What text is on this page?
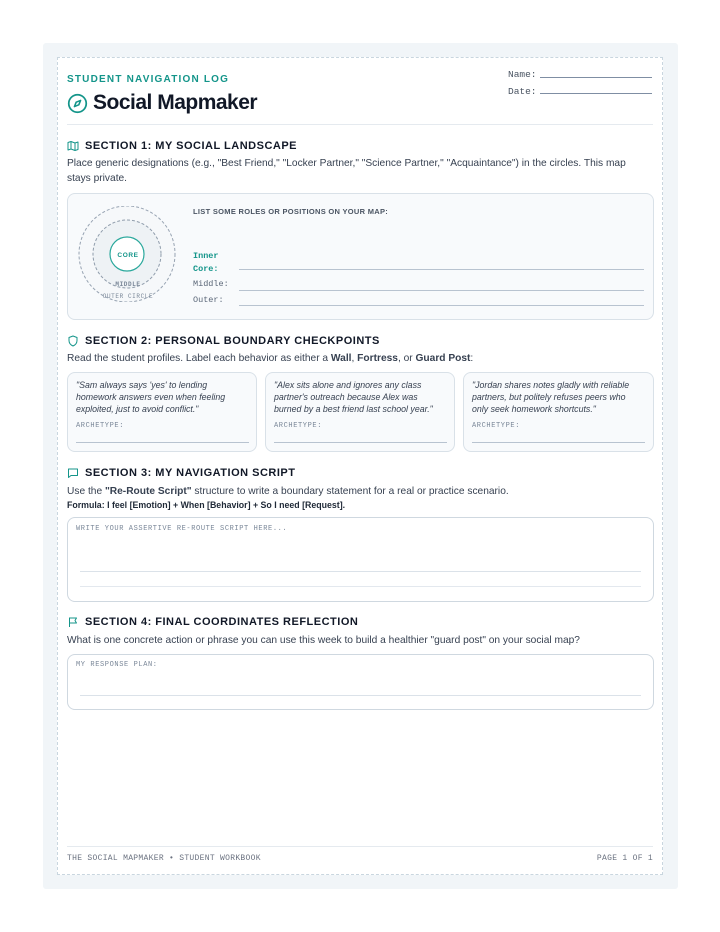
STUDENT NAVIGATION LOG
Social Mapmaker
Name:
Date:
SECTION 1: MY SOCIAL LANDSCAPE
Place generic designations (e.g., "Best Friend," "Locker Partner," "Science Partner," "Acquaintance") in the circles. This map stays private.
CORE
MIDDLE
OUTER CIRCLE
LIST SOME ROLES OR POSITIONS ON YOUR MAP:
Inner
Core:
Middle:
Outer:
SECTION 2: PERSONAL BOUNDARY CHECKPOINTS
Read the student profiles. Label each behavior as either a Wall, Fortress, or Guard Post:
"Sam always says 'yes' to lending homework answers even when feeling exploited, just to avoid conflict."
ARCHETYPE:
"Alex sits alone and ignores any class partner's outreach because Alex was burned by a best friend last school year."
ARCHETYPE:
"Jordan shares notes gladly with reliable partners, but politely refuses peers who only seek homework shortcuts."
ARCHETYPE:
SECTION 3: MY NAVIGATION SCRIPT
Use the "Re-Route Script" structure to write a boundary statement for a real or practice scenario.
Formula: I feel [Emotion] + When [Behavior] + So I need [Request].
WRITE YOUR ASSERTIVE RE-ROUTE SCRIPT HERE...
SECTION 4: FINAL COORDINATES REFLECTION
What is one concrete action or phrase you can use this week to build a healthier "guard post" on your social map?
MY RESPONSE PLAN:
THE SOCIAL MAPMAKER • STUDENT WORKBOOK	PAGE 1 OF 1
